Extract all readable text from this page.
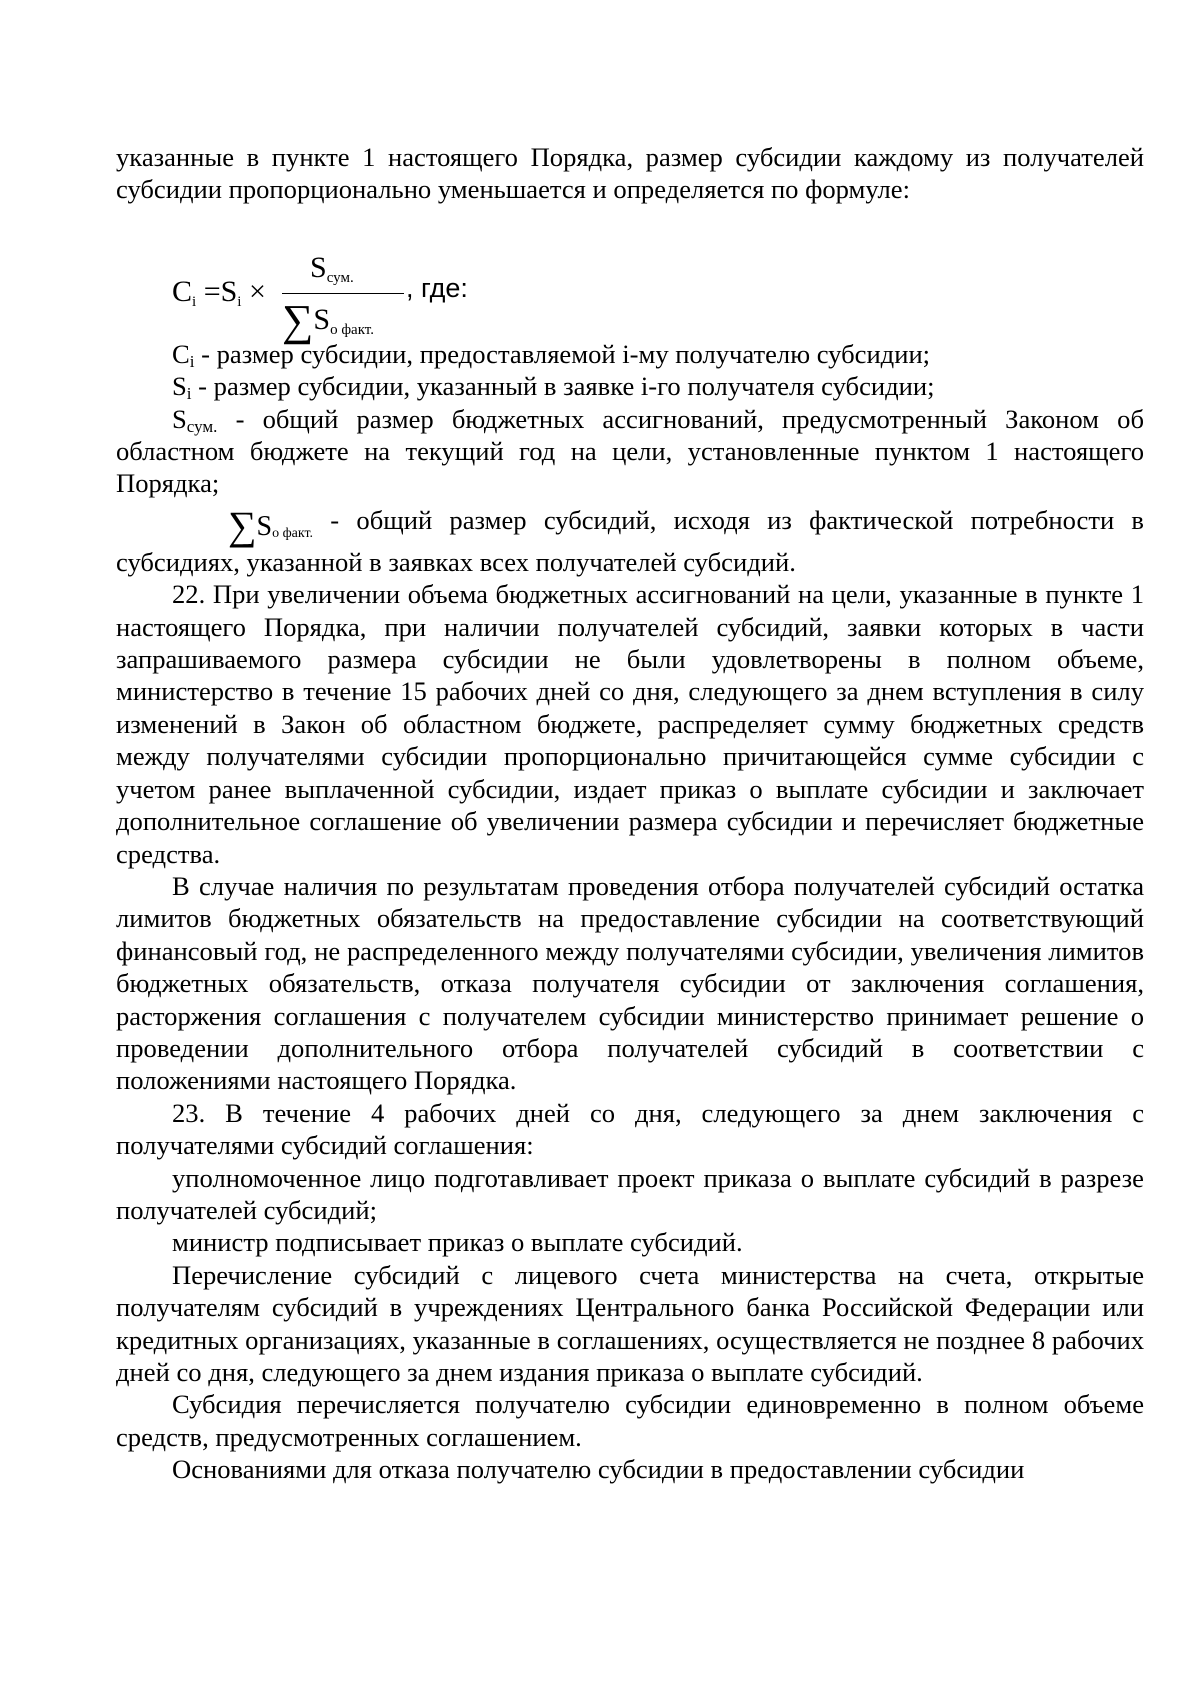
указанные в пункте 1 настоящего Порядка, размер субсидии каждому из получателей субсидии пропорционально уменьшается и определяется по формуле:

Ci =Si ×
Sсум.
∑Sо факт.
, где:

$C_i$ - размер субсидии, предоставляемой i-му получателю субсидии;

$S_i$ - размер субсидии, указанный в заявке i-го получателя субсидии;

$S_{сум.}$ - общий размер бюджетных ассигнований, предусмотренный Законом об областном бюджете на текущий год на цели, установленные пунктом 1 настоящего Порядка;

∑Sо факт. - общий размер субсидий, исходя из фактической потребности в субсидиях, указанной в заявках всех получателей субсидий.

22. При увеличении объема бюджетных ассигнований на цели, указанные в пункте 1 настоящего Порядка, при наличии получателей субсидий, заявки которых в части запрашиваемого размера субсидии не были удовлетворены в полном объеме, министерство в течение 15 рабочих дней со дня, следующего за днем вступления в силу изменений в Закон об областном бюджете, распределяет сумму бюджетных средств между получателями субсидии пропорционально причитающейся сумме субсидии с учетом ранее выплаченной субсидии, издает приказ о выплате субсидии и заключает дополнительное соглашение об увеличении размера субсидии и перечисляет бюджетные средства.

В случае наличия по результатам проведения отбора получателей субсидий остатка лимитов бюджетных обязательств на предоставление субсидии на соответствующий финансовый год, не распределенного между получателями субсидии, увеличения лимитов бюджетных обязательств, отказа получателя субсидии от заключения соглашения, расторжения соглашения с получателем субсидии министерство принимает решение о проведении дополнительного отбора получателей субсидий в соответствии с положениями настоящего Порядка.

23. В течение 4 рабочих дней со дня, следующего за днем заключения с получателями субсидий соглашения:

уполномоченное лицо подготавливает проект приказа о выплате субсидий в разрезе получателей субсидий;

министр подписывает приказ о выплате субсидий.

Перечисление субсидий с лицевого счета министерства на счета, открытые получателям субсидий в учреждениях Центрального банка Российской Федерации или кредитных организациях, указанные в соглашениях, осуществляется не позднее 8 рабочих дней со дня, следующего за днем издания приказа о выплате субсидий.

Субсидия перечисляется получателю субсидии единовременно в полном объеме средств, предусмотренных соглашением.

Основаниями для отказа получателю субсидии в предоставлении субсидии
